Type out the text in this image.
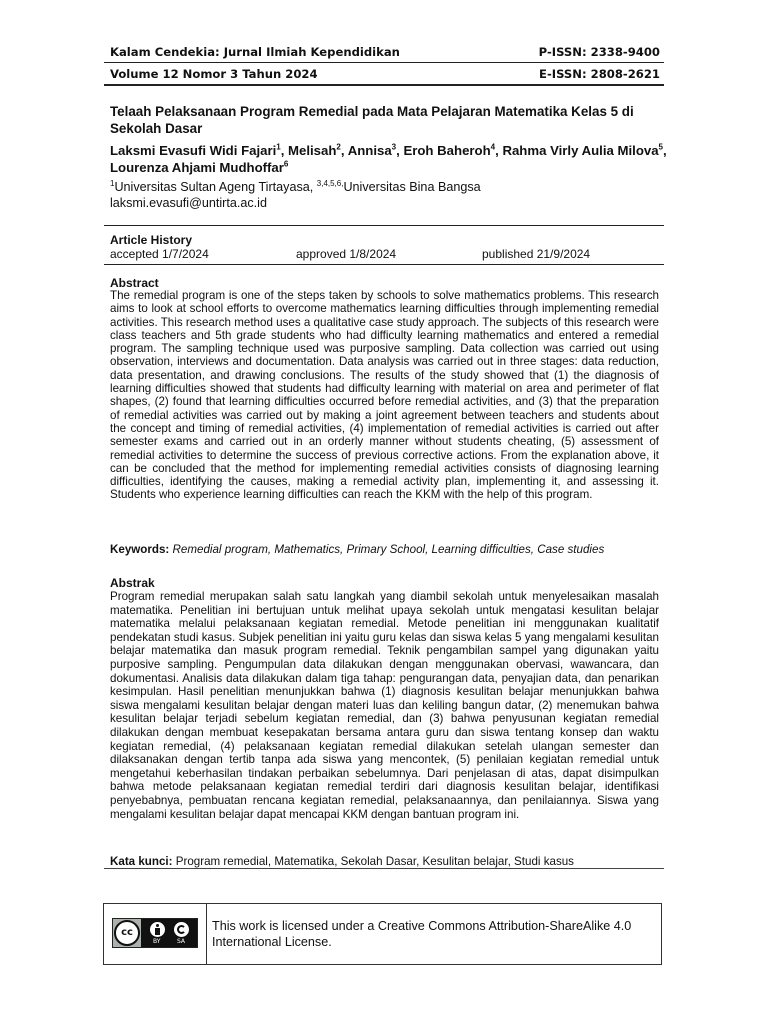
Kalam Cendekia: Jurnal Ilmiah Kependidikan	P-ISSN: 2338-9400
Volume 12 Nomor 3 Tahun 2024	E-ISSN: 2808-2621
Telaah Pelaksanaan Program Remedial pada Mata Pelajaran Matematika Kelas 5 di Sekolah Dasar
Laksmi Evasufi Widi Fajari$^1$, Melisah$^2$, Annisa$^3$, Eroh Baheroh$^4$, Rahma Virly Aulia Milova$^5$, Lourenza Ahjami Mudhoffar$^6$
$^1$Universitas Sultan Ageng Tirtayasa, $^{3,4,5,6,}$Universitas Bina Bangsa
laksmi.evasufi@untirta.ac.id
Article History
accepted 1/7/2024	approved 1/8/2024	published 21/9/2024
Abstract
The remedial program is one of the steps taken by schools to solve mathematics problems. This research aims to look at school efforts to overcome mathematics learning difficulties through implementing remedial activities. This research method uses a qualitative case study approach. The subjects of this research were class teachers and 5th grade students who had difficulty learning mathematics and entered a remedial program. The sampling technique used was purposive sampling. Data collection was carried out using observation, interviews and documentation. Data analysis was carried out in three stages: data reduction, data presentation, and drawing conclusions. The results of the study showed that (1) the diagnosis of learning difficulties showed that students had difficulty learning with material on area and perimeter of flat shapes, (2) found that learning difficulties occurred before remedial activities, and (3) that the preparation of remedial activities was carried out by making a joint agreement between teachers and students about the concept and timing of remedial activities, (4) implementation of remedial activities is carried out after semester exams and carried out in an orderly manner without students cheating, (5) assessment of remedial activities to determine the success of previous corrective actions. From the explanation above, it can be concluded that the method for implementing remedial activities consists of diagnosing learning difficulties, identifying the causes, making a remedial activity plan, implementing it, and assessing it. Students who experience learning difficulties can reach the KKM with the help of this program.
Keywords: Remedial program, Mathematics, Primary School, Learning difficulties, Case studies
Abstrak
Program remedial merupakan salah satu langkah yang diambil sekolah untuk menyelesaikan masalah matematika. Penelitian ini bertujuan untuk melihat upaya sekolah untuk mengatasi kesulitan belajar matematika melalui pelaksanaan kegiatan remedial. Metode penelitian ini menggunakan kualitatif pendekatan studi kasus. Subjek penelitian ini yaitu guru kelas dan siswa kelas 5 yang mengalami kesulitan belajar matematika dan masuk program remedial. Teknik pengambilan sampel yang digunakan yaitu purposive sampling. Pengumpulan data dilakukan dengan menggunakan obervasi, wawancara, dan dokumentasi. Analisis data dilakukan dalam tiga tahap: pengurangan data, penyajian data, dan penarikan kesimpulan. Hasil penelitian menunjukkan bahwa (1) diagnosis kesulitan belajar menunjukkan bahwa siswa mengalami kesulitan belajar dengan materi luas dan keliling bangun datar, (2) menemukan bahwa kesulitan belajar terjadi sebelum kegiatan remedial, dan (3) bahwa penyusunan kegiatan remedial dilakukan dengan membuat kesepakatan bersama antara guru dan siswa tentang konsep dan waktu kegiatan remedial, (4) pelaksanaan kegiatan remedial dilakukan setelah ulangan semester dan dilaksanakan dengan tertib tanpa ada siswa yang mencontek, (5) penilaian kegiatan remedial untuk mengetahui keberhasilan tindakan perbaikan sebelumnya. Dari penjelasan di atas, dapat disimpulkan bahwa metode pelaksanaan kegiatan remedial terdiri dari diagnosis kesulitan belajar, identifikasi penyebabnya, pembuatan rencana kegiatan remedial, pelaksanaannya, dan penilaiannya. Siswa yang mengalami kesulitan belajar dapat mencapai KKM dengan bantuan program ini.
Kata kunci: Program remedial, Matematika, Sekolah Dasar, Kesulitan belajar, Studi kasus
cc
BY	SA
This work is licensed under a Creative Commons Attribution-ShareAlike 4.0 International License.
